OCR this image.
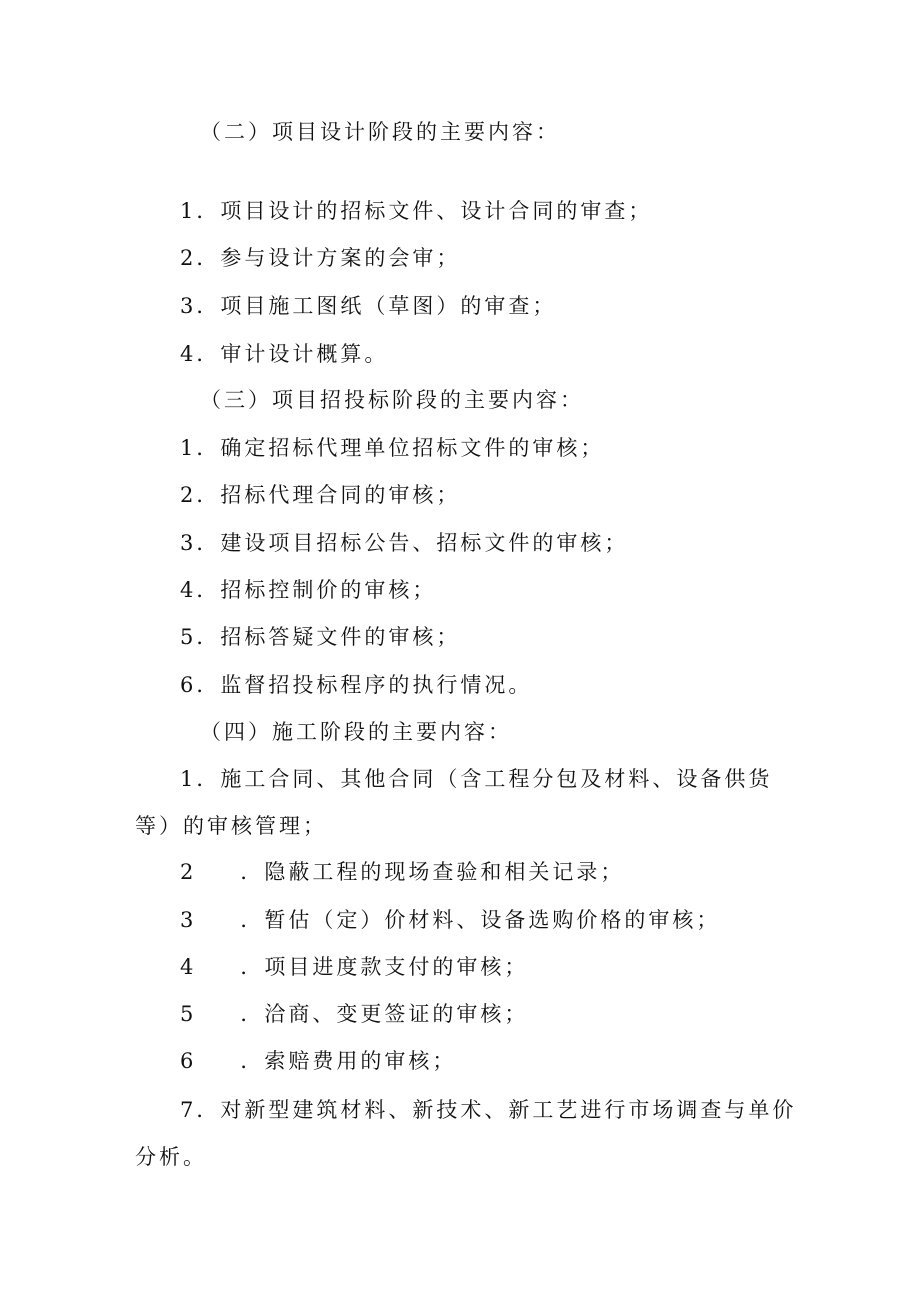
（二）项目设计阶段的主要内容：
1．项目设计的招标文件、设计合同的审查；
2．参与设计方案的会审；
3．项目施工图纸（草图）的审查；
4．审计设计概算。
（三）项目招投标阶段的主要内容：
1．确定招标代理单位招标文件的审核；
2．招标代理合同的审核；
3．建设项目招标公告、招标文件的审核；
4．招标控制价的审核；
5．招标答疑文件的审核；
6．监督招投标程序的执行情况。
（四）施工阶段的主要内容：
1．施工合同、其他合同（含工程分包及材料、设备供货
等）的审核管理；
2 ．隐蔽工程的现场查验和相关记录；
3 ．暂估（定）价材料、设备选购价格的审核；
4 ．项目进度款支付的审核；
5 ．洽商、变更签证的审核；
6 ．索赔费用的审核；
7．对新型建筑材料、新技术、新工艺进行市场调查与单价
分析。
